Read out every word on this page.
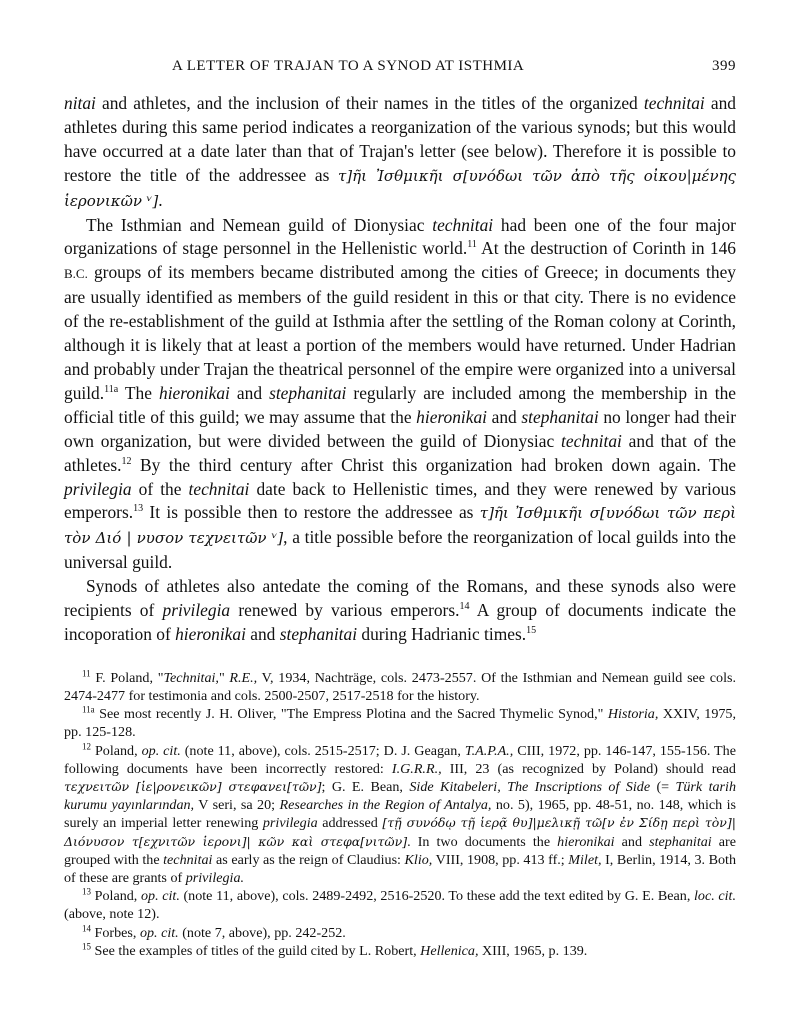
A LETTER OF TRAJAN TO A SYNOD AT ISTHMIA	399

nitai and athletes, and the inclusion of their names in the titles of the organized technitai and athletes during this same period indicates a reorganization of the various synods; but this would have occurred at a date later than that of Trajan's letter (see below). Therefore it is possible to restore the title of the addressee as τ]ῆι Ἰσθμικῆι σ[υνόδωι τῶν ἀπὸ τῆς οἰκου|μένης ἱερονικῶν ᵛ].

The Isthmian and Nemean guild of Dionysiac technitai had been one of the four major organizations of stage personnel in the Hellenistic world.$^{11}$ At the destruction of Corinth in 146 B.C. groups of its members became distributed among the cities of Greece; in documents they are usually identified as members of the guild resident in this or that city. There is no evidence of the re-establishment of the guild at Isthmia after the settling of the Roman colony at Corinth, although it is likely that at least a portion of the members would have returned. Under Hadrian and probably under Trajan the theatrical personnel of the empire were organized into a universal guild.$^{11a}$ The hieronikai and stephanitai regularly are included among the membership in the official title of this guild; we may assume that the hieronikai and stephanitai no longer had their own organization, but were divided between the guild of Dionysiac technitai and that of the athletes.$^{12}$ By the third century after Christ this organization had broken down again. The privilegia of the technitai date back to Hellenistic times, and they were renewed by various emperors.$^{13}$ It is possible then to restore the addressee as τ]ῆι Ἰσθμικῆι σ[υνόδωι τῶν περὶ τὸν Διό | νυσον τεχνειτῶν ᵛ], a title possible before the reorganization of local guilds into the universal guild.

Synods of athletes also antedate the coming of the Romans, and these synods also were recipients of privilegia renewed by various emperors.$^{14}$ A group of documents indicate the incoporation of hieronikai and stephanitai during Hadrianic times.$^{15}$

$^{11}$ F. Poland, "Technitai," R.E., V, 1934, Nachträge, cols. 2473-2557. Of the Isthmian and Nemean guild see cols. 2474-2477 for testimonia and cols. 2500-2507, 2517-2518 for the history.

$^{11a}$ See most recently J. H. Oliver, "The Empress Plotina and the Sacred Thymelic Synod," Historia, XXIV, 1975, pp. 125-128.

$^{12}$ Poland, op. cit. (note 11, above), cols. 2515-2517; D. J. Geagan, T.A.P.A., CIII, 1972, pp. 146-147, 155-156. The following documents have been incorrectly restored: I.G.R.R., III, 23 (as recognized by Poland) should read τεχνειτῶν [ἱε|ρονεικῶν] στεφανει[τῶν]; G. E. Bean, Side Kitabeleri, The Inscriptions of Side (= Türk tarih kurumu yayınlarından, V seri, sa 20; Researches in the Region of Antalya, no. 5), 1965, pp. 48-51, no. 148, which is surely an imperial letter renewing privilegia addressed [τῇ συνόδῳ τῇ ἱερᾷ θυ]|μελικῇ τῶ[ν ἐν Σίδῃ περὶ τὸν]| Διόνυσον τ[εχνιτῶν ἱερονι]| κῶν καὶ στεφα[νιτῶν]. In two documents the hieronikai and stephanitai are grouped with the technitai as early as the reign of Claudius: Klio, VIII, 1908, pp. 413 ff.; Milet, I, Berlin, 1914, 3. Both of these are grants of privilegia.

$^{13}$ Poland, op. cit. (note 11, above), cols. 2489-2492, 2516-2520. To these add the text edited by G. E. Bean, loc. cit. (above, note 12).

$^{14}$ Forbes, op. cit. (note 7, above), pp. 242-252.

$^{15}$ See the examples of titles of the guild cited by L. Robert, Hellenica, XIII, 1965, p. 139.
